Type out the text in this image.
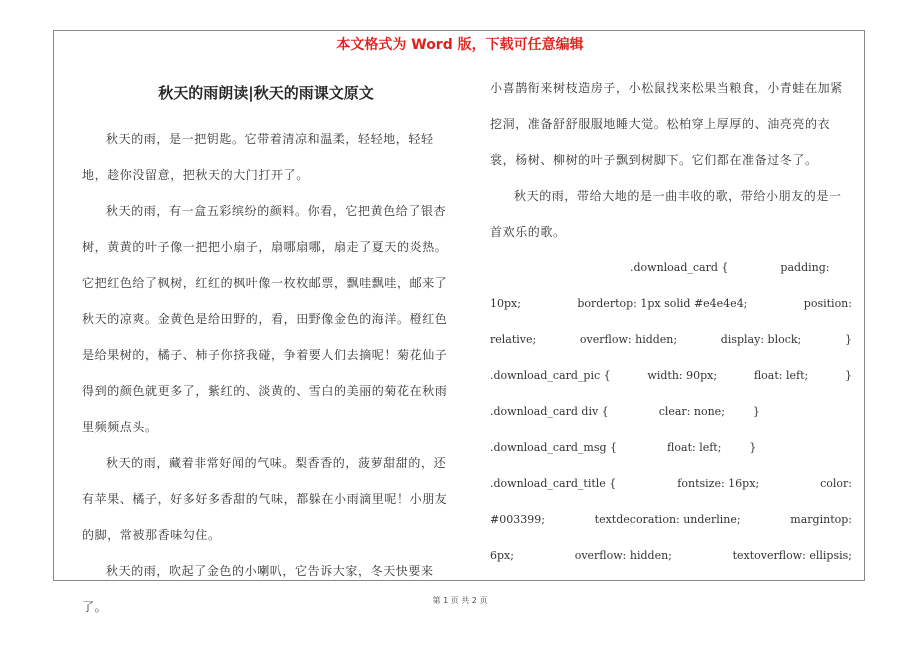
本文格式为 Word 版，下载可任意编辑
秋天的雨朗读|秋天的雨课文原文

秋天的雨，是一把钥匙。它带着清凉和温柔，轻轻地，轻轻地，趁你没留意，把秋天的大门打开了。

秋天的雨，有一盒五彩缤纷的颜料。你看，它把黄色给了银杏树，黄黄的叶子像一把把小扇子，扇哪扇哪，扇走了夏天的炎热。它把红色给了枫树，红红的枫叶像一枚枚邮票，飘哇飘哇，邮来了秋天的凉爽。金黄色是给田野的，看，田野像金色的海洋。橙红色是给果树的，橘子、柿子你挤我碰，争着要人们去摘呢！菊花仙子得到的颜色就更多了，紫红的、淡黄的、雪白的美丽的菊花在秋雨里频频点头。

秋天的雨，藏着非常好闻的气味。梨香香的，菠萝甜甜的，还有苹果、橘子，好多好多香甜的气味，都躲在小雨滴里呢！小朋友的脚，常被那香味勾住。

秋天的雨，吹起了金色的小喇叭，它告诉大家，冬天快要来了。

小喜鹊衔来树枝造房子，小松鼠找来松果当粮食，小青蛙在加紧挖洞，准备舒舒服服地睡大觉。松柏穿上厚厚的、油亮亮的衣裳，杨树、柳树的叶子飘到树脚下。它们都在准备过冬了。

秋天的雨，带给大地的是一曲丰收的歌，带给小朋友的是一首欢乐的歌。

.download_card {	padding:
10px;	bordertop: 1px solid #e4e4e4;	position:
relative;	overflow: hidden;	display: block;	}
.download_card_pic {	width: 90px;	float: left;	}
.download_card div {	clear: none;	}
.download_card_msg {	float: left;	}
.download_card_title {	fontsize: 16px;	color:
#003399;	textdecoration: underline;	margintop:
6px;	overflow: hidden;	textoverflow: ellipsis;
第 1 页 共 2 页
